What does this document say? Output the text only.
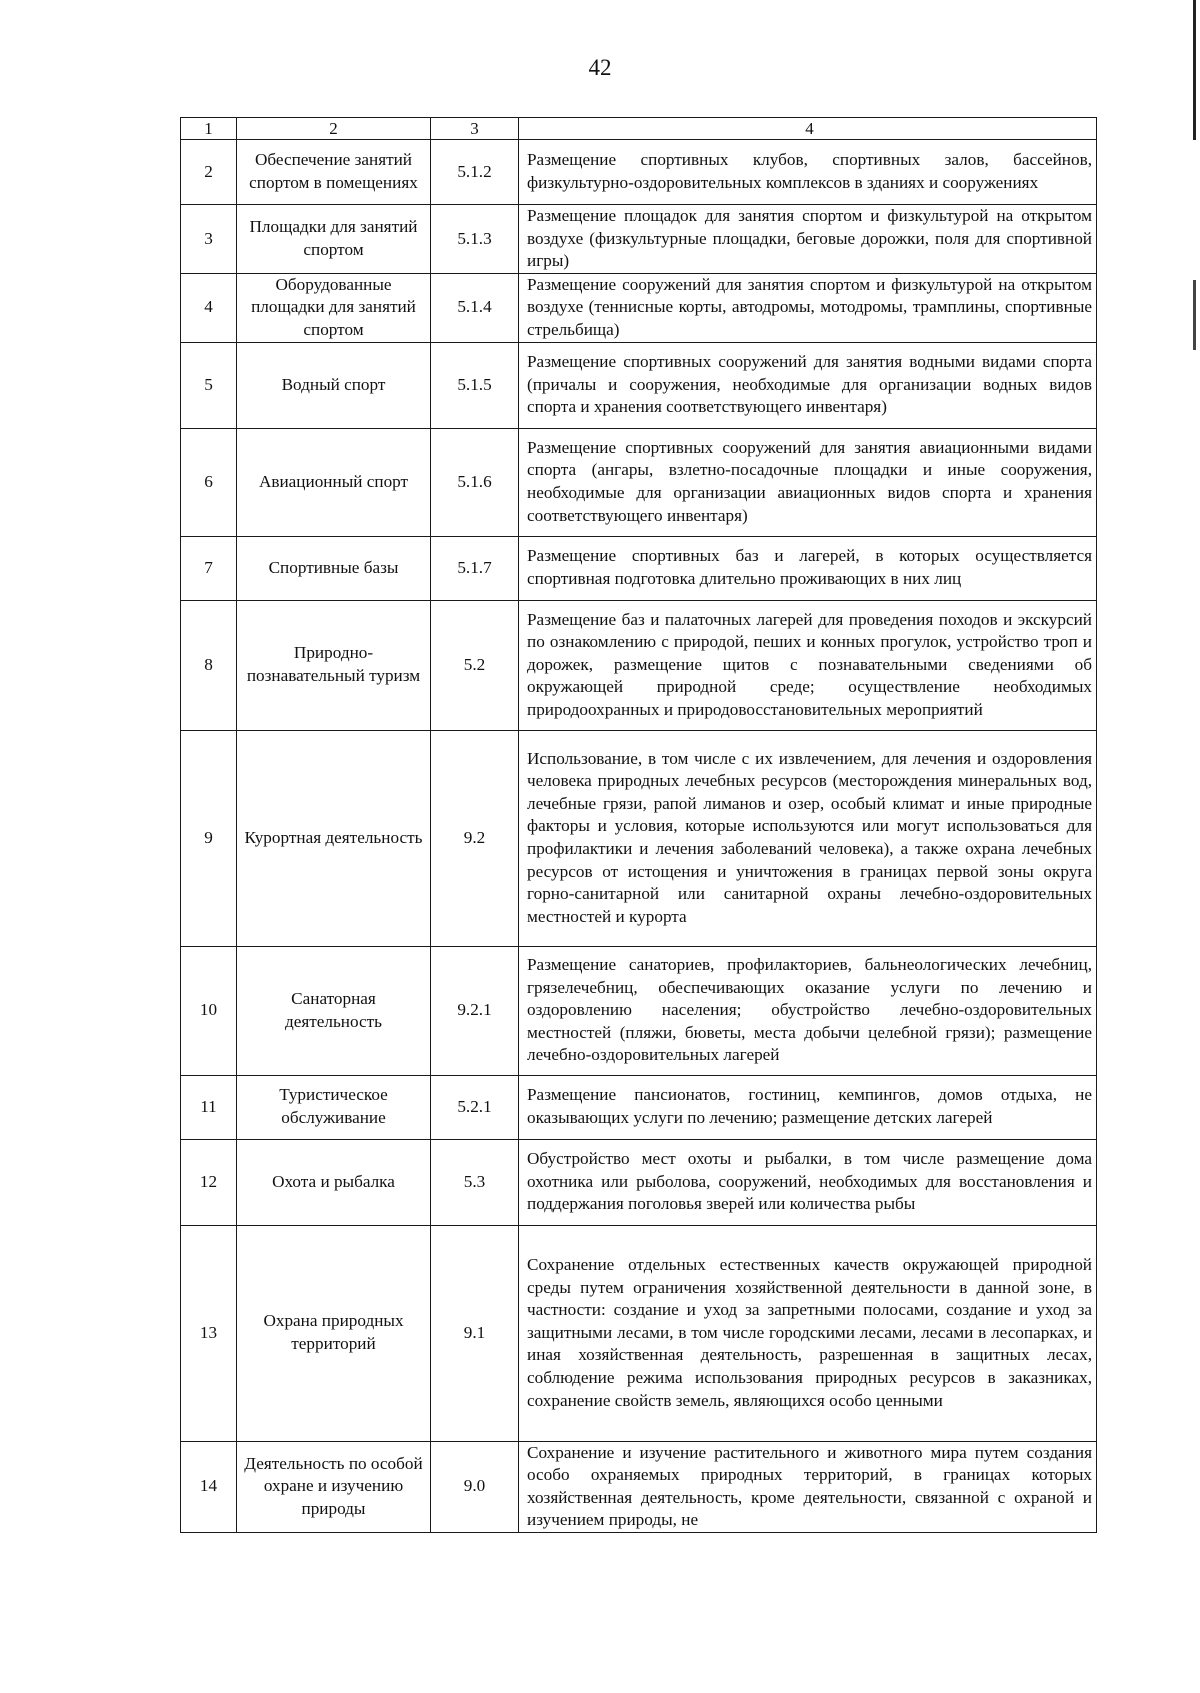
42
1	2	3	4
2	Обеспечение занятий спортом в помещениях	5.1.2	Размещение спортивных клубов, спортивных залов, бассейнов, физкультурно-оздоровительных комплексов в зданиях и сооружениях
3	Площадки для занятий спортом	5.1.3	Размещение площадок для занятия спортом и физкультурой на открытом воздухе (физкультурные площадки, беговые дорожки, поля для спортивной игры)
4	Оборудованные площадки для занятий спортом	5.1.4	Размещение сооружений для занятия спортом и физкультурой на открытом воздухе (теннисные корты, автодромы, мотодромы, трамплины, спортивные стрельбища)
5	Водный спорт	5.1.5	Размещение спортивных сооружений для занятия водными видами спорта (причалы и сооружения, необходимые для организации водных видов спорта и хранения соответствующего инвентаря)
6	Авиационный спорт	5.1.6	Размещение спортивных сооружений для занятия авиационными видами спорта (ангары, взлетно-посадочные площадки и иные сооружения, необходимые для организации авиационных видов спорта и хранения соответствующего инвентаря)
7	Спортивные базы	5.1.7	Размещение спортивных баз и лагерей, в которых осуществляется спортивная подготовка длительно проживающих в них лиц
8	Природно-познавательный туризм	5.2	Размещение баз и палаточных лагерей для проведения походов и экскурсий по ознакомлению с природой, пеших и конных прогулок, устройство троп и дорожек, размещение щитов с познавательными сведениями об окружающей природной среде; осуществление необходимых природоохранных и природовосстановительных мероприятий
9	Курортная деятельность	9.2	Использование, в том числе с их извлечением, для лечения и оздоровления человека природных лечебных ресурсов (месторождения минеральных вод, лечебные грязи, рапой лиманов и озер, особый климат и иные природные факторы и условия, которые используются или могут использоваться для профилактики и лечения заболеваний человека), а также охрана лечебных ресурсов от истощения и уничтожения в границах первой зоны округа горно-санитарной или санитарной охраны лечебно-оздоровительных местностей и курорта
10	Санаторная деятельность	9.2.1	Размещение санаториев, профилакториев, бальнеологических лечебниц, грязелечебниц, обеспечивающих оказание услуги по лечению и оздоровлению населения; обустройство лечебно-оздоровительных местностей (пляжи, бюветы, места добычи целебной грязи); размещение лечебно-оздоровительных лагерей
11	Туристическое обслуживание	5.2.1	Размещение пансионатов, гостиниц, кемпингов, домов отдыха, не оказывающих услуги по лечению; размещение детских лагерей
12	Охота и рыбалка	5.3	Обустройство мест охоты и рыбалки, в том числе размещение дома охотника или рыболова, сооружений, необходимых для восстановления и поддержания поголовья зверей или количества рыбы
13	Охрана природных территорий	9.1	Сохранение отдельных естественных качеств окружающей природной среды путем ограничения хозяйственной деятельности в данной зоне, в частности: создание и уход за запретными полосами, создание и уход за защитными лесами, в том числе городскими лесами, лесами в лесопарках, и иная хозяйственная деятельность, разрешенная в защитных лесах, соблюдение режима использования природных ресурсов в заказниках, сохранение свойств земель, являющихся особо ценными
14	Деятельность по особой охране и изучению природы	9.0	Сохранение и изучение растительного и животного мира путем создания особо охраняемых природных территорий, в границах которых хозяйственная деятельность, кроме деятельности, связанной с охраной и изучением природы, не
